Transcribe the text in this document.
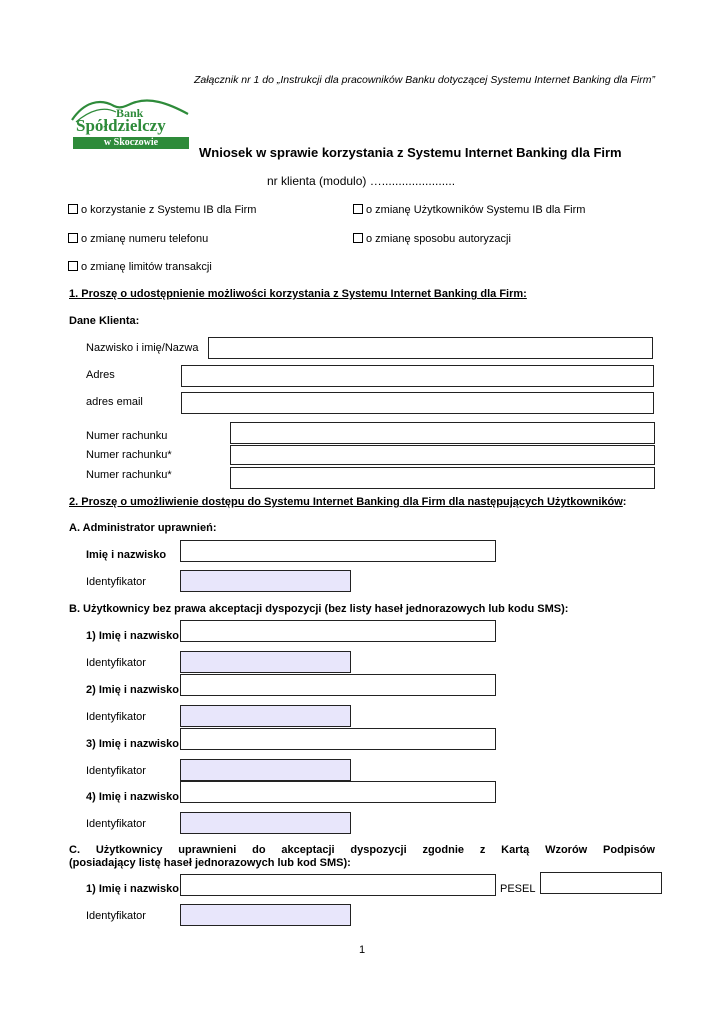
Załącznik nr 1 do „Instrukcji dla pracowników Banku dotyczącej Systemu Internet Banking dla Firm”
Bank
Spółdzielczy
w Skoczowie
Wniosek w sprawie korzystania z Systemu Internet Banking dla Firm
nr klienta (modulo) …......................
o korzystanie z Systemu IB dla Firm	o zmianę Użytkowników Systemu IB dla Firm
o zmianę numeru telefonu	o zmianę sposobu autoryzacji
o zmianę limitów transakcji
1. Proszę o udostępnienie możliwości korzystania z Systemu Internet Banking dla Firm:
Dane Klienta:
Nazwisko i imię/Nazwa
Adres
adres email
Numer rachunku
Numer rachunku*
Numer rachunku*
2. Proszę o umożliwienie dostępu do Systemu Internet Banking dla Firm dla następujących Użytkowników:
A. Administrator uprawnień:
Imię i nazwisko
Identyfikator
B. Użytkownicy bez prawa akceptacji dyspozycji (bez listy haseł jednorazowych lub kodu SMS):
1) Imię i nazwisko
Identyfikator
2) Imię i nazwisko
Identyfikator
3) Imię i nazwisko
Identyfikator
4) Imię i nazwisko
Identyfikator
C. Użytkownicy uprawnieni do akceptacji dyspozycji zgodnie z Kartą Wzorów Podpisów
(posiadający listę haseł jednorazowych lub kod SMS):
1) Imię i nazwisko	PESEL
Identyfikator
1
